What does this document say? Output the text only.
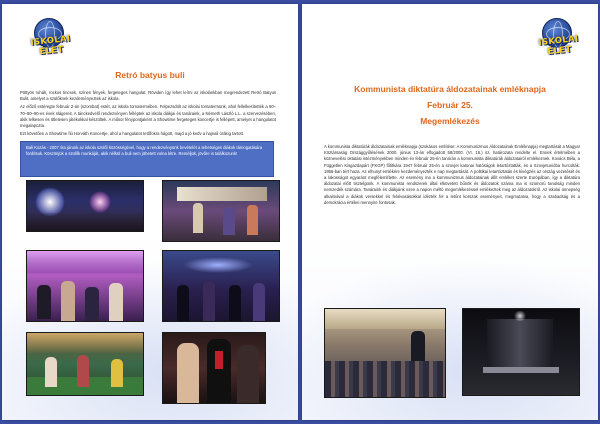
ISKOLAI ÉLET
Retró batyus buli

Pöttyös ruhák, rockos tincsek, színes fények, fergeteges hangulat. Röviden így lehet leírni az iskolánkban megrendezett Retró Batyus Bulit, amelyet a szülőknek kezdeményeztek az iskola.

Az előző estéregte február 2-án (szombat) estét, az iskola tornatermében. Felpezsdült az iskolai tornatermünk, ahol fellelkesítették a 60–70–80–90-es évek slágereit. A tánckedvelő rendezvényen felléptek az iskola diákjai és tanáraink, a Németh László L.L. a szervezésében, akik lelkesen és ötletesen játékokkal készültek. A műsor fénypontjaként a Showtime fergeteges koncertje is fellépett, amelyet a hangulatot megalapozta.

Ezt követően a Showtime fiú Horváth Koncertje, ahol a hangulatot tetőfokra hágott, majd a jó kedv a hajnali órákig tartott.

Bali Kozás - 2007 óta járunk az iskola szülői közösségével, hogy a rendezvényünk bevételét a tehetséges diákok támogatására fordítsuk. Köszönjük a szülők munkáját, akik nélkül a buli nem jöhetett volna létre. Reméljük, jövőre is találkozunk!
ISKOLAI ÉLET
Kommunista diktatúra áldozatainak emléknapja
Február 25.
Megemlékezés

A kommunista diktatúrák áldozatainak emléknapja (szokásos említése: A Kommunizmus Áldozatainak Emléknapja) megtartását a Magyar Köztársaság Országgyűlésének 2000. június 13-án elfogadott 58/2000. (VI. 16.) sz. határozata rendelte el. Ennek értelmében a köznevelési oktatási intézményekben minden év február 25-én tanórán a kommunista diktatúrák áldozatairól emlékeznek. Kovács Béla, a Független Kisgazdapárt (FKGP) főtitkára 1947 február 25-én a szovjet katonai hatóságok letartóztatták, és a Szovjetunióba hurcolták. 1956-ban tért haza. Az elhunyt emlékére kezdeményezték e nap megtartását. A politikai letartóztatás és kivégzés az ország vezetését és a lakosságot egyaránt megfélemlítette. Az esemény ma a kommunizmus áldozatainak állít emléket szerte Európában, így a diktatúra áldozatai előtt tisztelgünk. A kommunista rendszerek által elkövetett bűnök és áldozatok száma ma is szomorú tanulság minden nemzedék számára. Tanáraink és diákjaink ezen a napon méltó megemlékezéssel emlékeztek meg az áldozatokról. Az iskolai ünnepség alkalmával a diákok versekkel és felolvasásokkal idézték fel a letűnt korszak eseményeit, megmutatva, hogy a szabadság és a demokrácia értékei mennyire fontosak.
